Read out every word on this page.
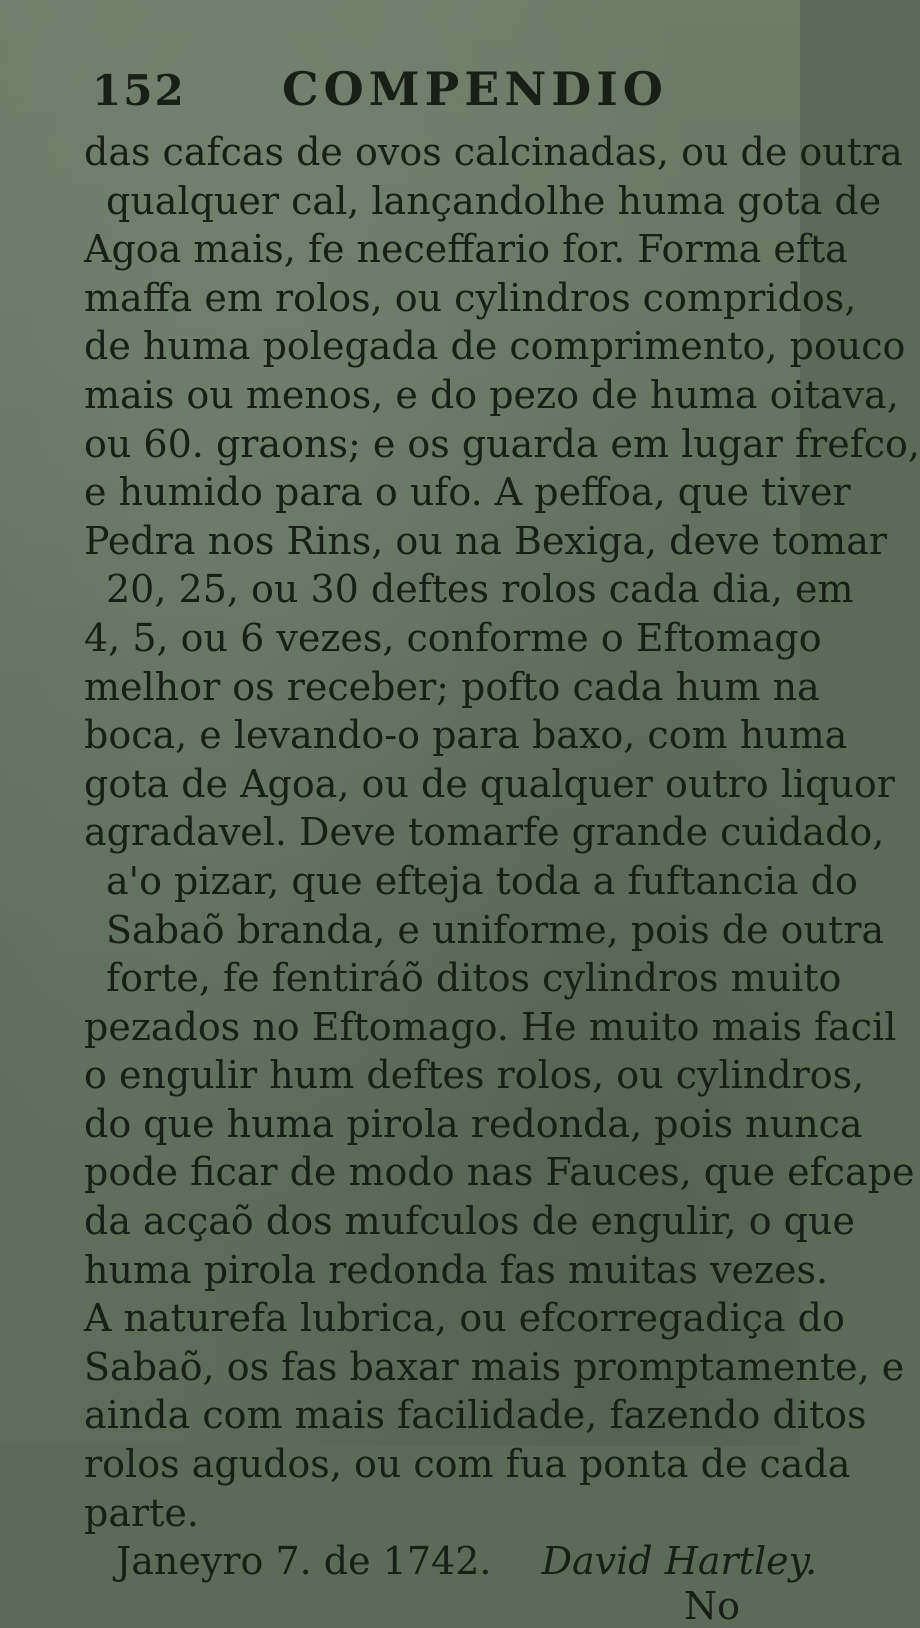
152 COMPENDIO
das cafcas de ovos calcinadas, ou de outra
qualquer cal, lançandolhe huma gota de
Agoa mais, fe neceffario for. Forma efta
maffa em rolos, ou cylindros compridos,
de huma polegada de comprimento, pouco
mais ou menos, e do pezo de huma oitava,
ou 60. graons; e os guarda em lugar frefco,
e humido para o ufo. A peffoa, que tiver
Pedra nos Rins, ou na Bexiga, deve tomar
20, 25, ou 30 deftes rolos cada dia, em
4, 5, ou 6 vezes, conforme o Eftomago
melhor os receber; pofto cada hum na
boca, e levando-o para baxo, com huma
gota de Agoa, ou de qualquer outro liquor
agradavel. Deve tomarfe grande cuidado,
a'o pizar, que efteja toda a fuftancia do
Sabaõ branda, e uniforme, pois de outra
forte, fe fentiráõ ditos cylindros muito
pezados no Eftomago. He muito mais facil
o engulir hum deftes rolos, ou cylindros,
do que huma pirola redonda, pois nunca
pode ficar de modo nas Fauces, que efcape
da acçaõ dos mufculos de engulir, o que
huma pirola redonda fas muitas vezes.
A naturefa lubrica, ou efcorregadiça do
Sabaõ, os fas baxar mais promptamente, e
ainda com mais facilidade, fazendo ditos
rolos agudos, ou com fua ponta de cada
parte.
Janeyro 7. de 1742. David Hartley.
No
